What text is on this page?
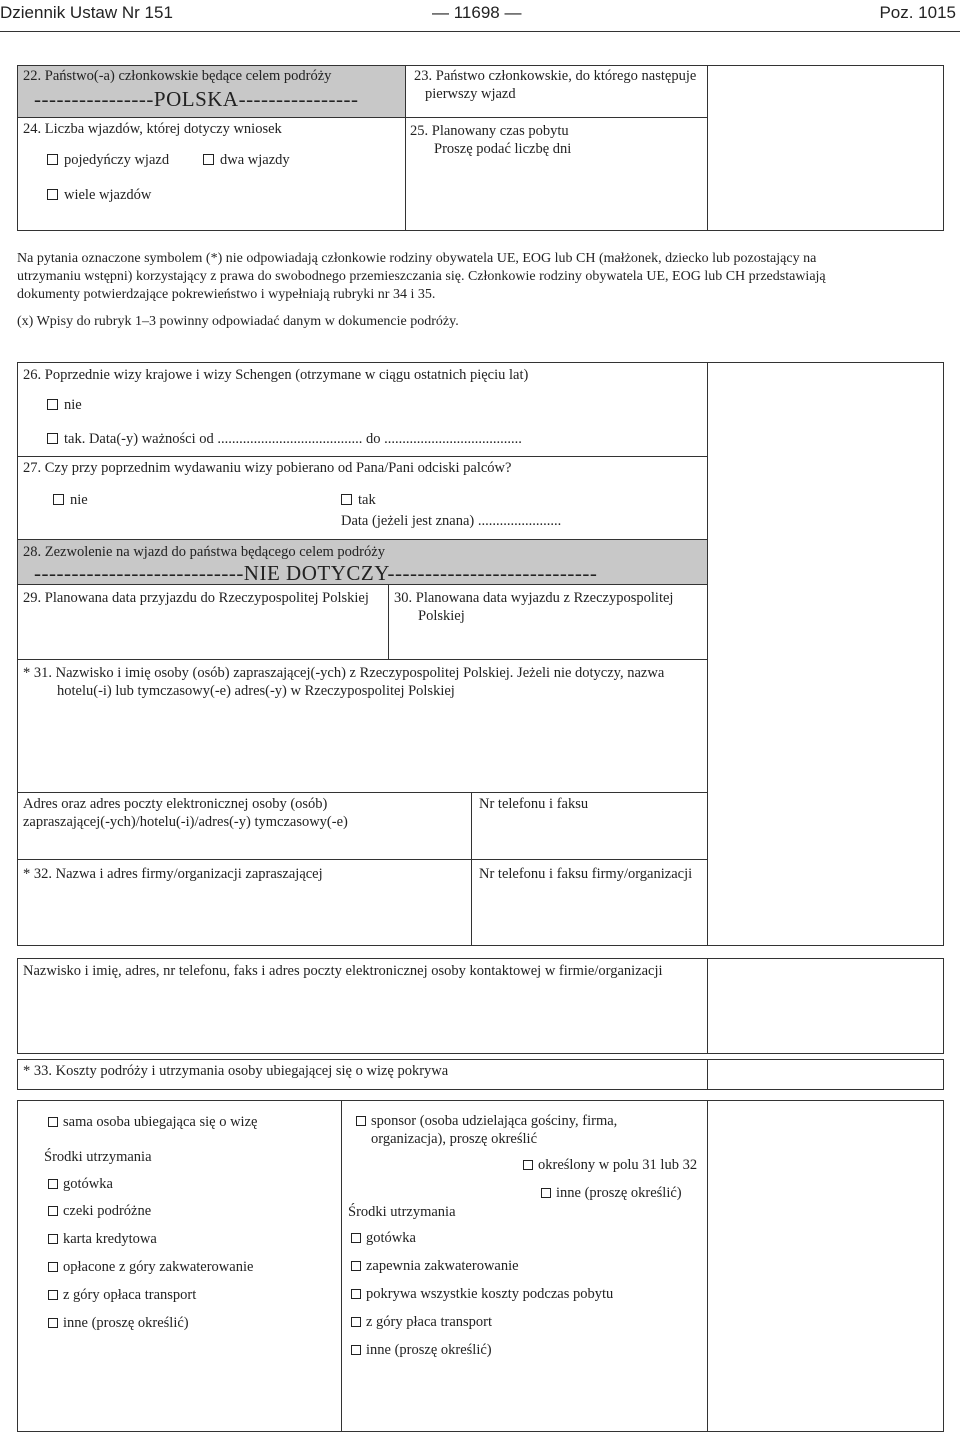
Dziennik Ustaw Nr 151	— 11698 —	Poz. 1015
22. Państwo(-a) członkowskie będące celem podróży
----------------POLSKA----------------
23. Państwo członkowskie, do którego następuje
pierwszy wjazd
24. Liczba wjazdów, której dotyczy wniosek
pojedyńczy wjazd	dwa wjazdy
wiele wjazdów
25. Planowany czas pobytu
Proszę podać liczbę dni
Na pytania oznaczone symbolem (*) nie odpowiadają członkowie rodziny obywatela UE, EOG lub CH (małżonek, dziecko lub pozostający na
utrzymaniu wstępni) korzystający z prawa do swobodnego przemieszczania się. Członkowie rodziny obywatela UE, EOG lub CH przedstawiają
dokumenty potwierdzające pokrewieństwo i wypełniają rubryki nr 34 i 35.
(x) Wpisy do rubryk 1–3 powinny odpowiadać danym w dokumencie podróży.
26. Poprzednie wizy krajowe i wizy Schengen (otrzymane w ciągu ostatnich pięciu lat)
nie
tak. Data(-y) ważności od ........................................ do ......................................
27. Czy przy poprzednim wydawaniu wizy pobierano od Pana/Pani odciski palców?
nie	tak
Data (jeżeli jest znana) .......................
28. Zezwolenie na wjazd do państwa będącego celem podróży
----------------------------NIE DOTYCZY----------------------------
29. Planowana data przyjazdu do Rzeczypospolitej Polskiej 30. Planowana data wyjazdu z Rzeczypospolitej
Polskiej
* 31. Nazwisko i imię osoby (osób) zapraszającej(-ych) z Rzeczypospolitej Polskiej. Jeżeli nie dotyczy, nazwa
hotelu(-i) lub tymczasowy(-e) adres(-y) w Rzeczypospolitej Polskiej
Adres oraz adres poczty elektronicznej osoby (osób)
zapraszającej(-ych)/hotelu(-i)/adres(-y) tymczasowy(-e)
Nr telefonu i faksu
* 32. Nazwa i adres firmy/organizacji zapraszającej	Nr telefonu i faksu firmy/organizacji
Nazwisko i imię, adres, nr telefonu, faks i adres poczty elektronicznej osoby kontaktowej w firmie/organizacji
* 33. Koszty podróży i utrzymania osoby ubiegającej się o wizę pokrywa
sama osoba ubiegająca się o wizę
Środki utrzymania
gotówka
czeki podróżne
karta kredytowa
opłacone z góry zakwaterowanie
z góry opłaca transport
inne (proszę określić)
sponsor (osoba udzielająca gościny, firma,
organizacja), proszę określić
określony w polu 31 lub 32
inne (proszę określić)
Środki utrzymania
gotówka
zapewnia zakwaterowanie
pokrywa wszystkie koszty podczas pobytu
z góry płaca transport
inne (proszę określić)
